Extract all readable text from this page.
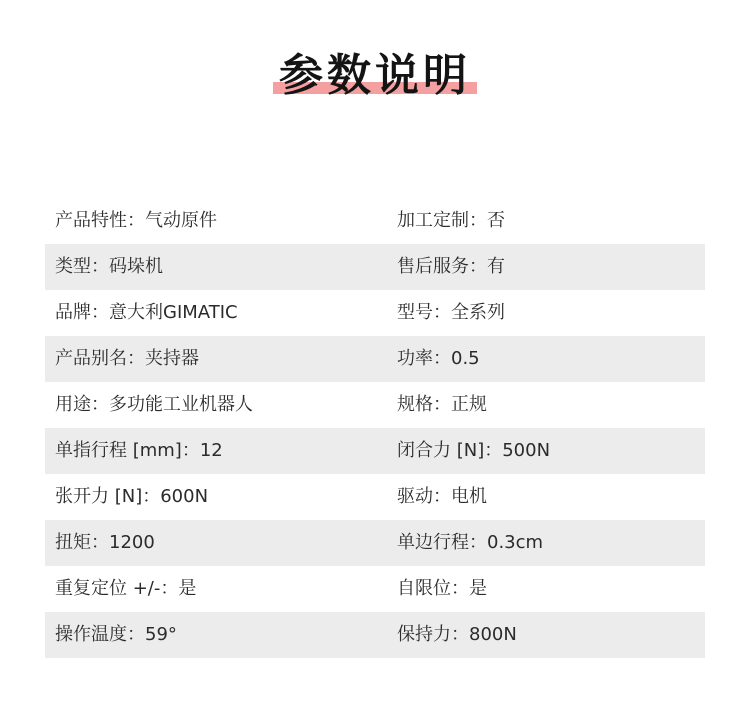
参数说明
产品特性：气动原件	加工定制：否
类型：码垛机	售后服务：有
品牌：意大利GIMATIC	型号：全系列
产品别名：夹持器	功率：0.5
用途：多功能工业机器人	规格：正规
单指行程 [mm]：12	闭合力 [N]：500N
张开力 [N]：600N	驱动：电机
扭矩：1200	单边行程：0.3cm
重复定位 +/-：是	自限位：是
操作温度：59°	保持力：800N
